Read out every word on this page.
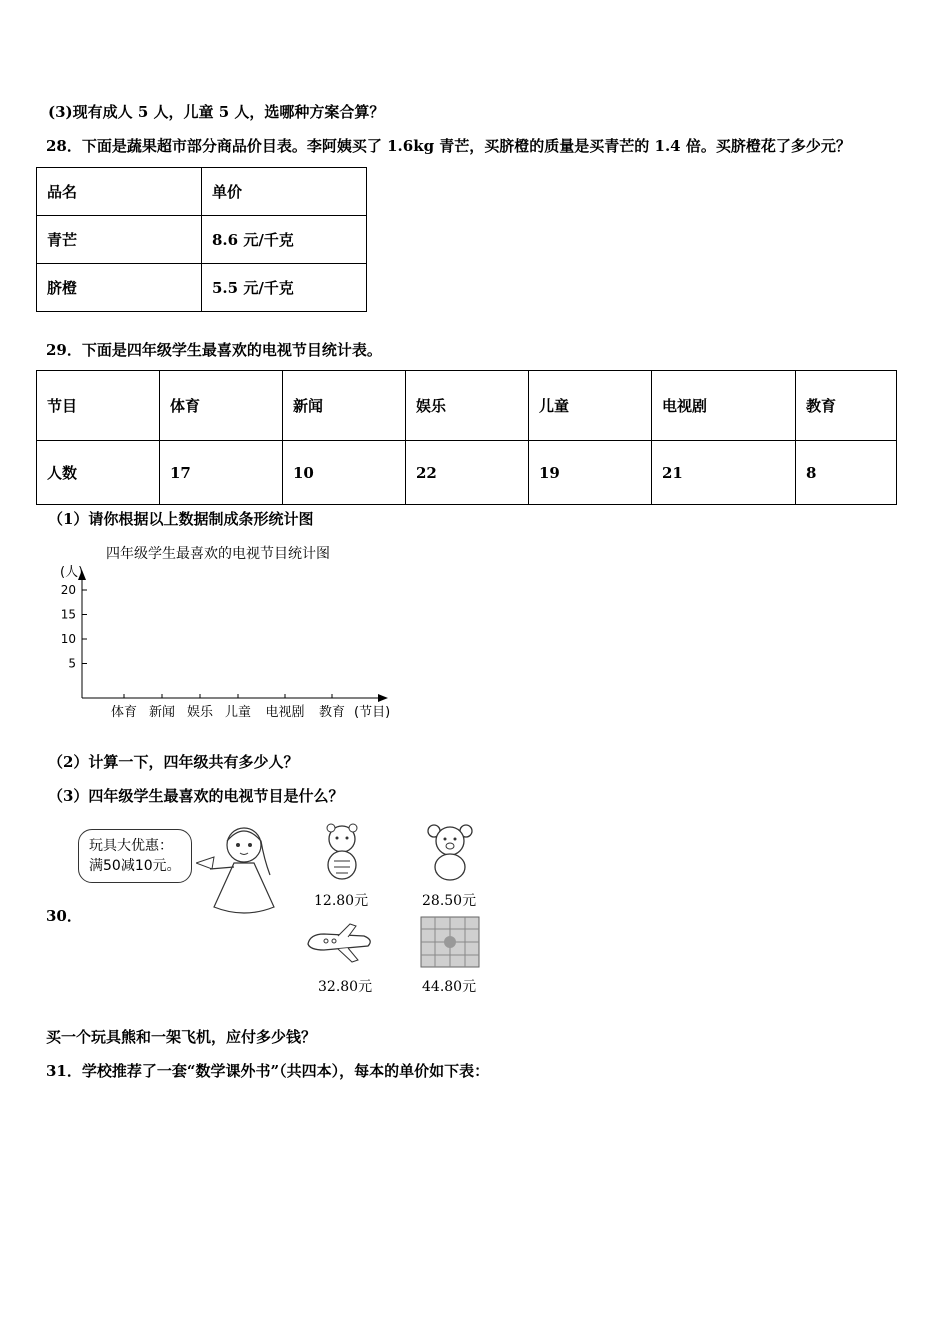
(3)现有成人 5 人，儿童 5 人，选哪种方案合算？
28．下面是蔬果超市部分商品价目表。李阿姨买了 1.6kg 青芒，买脐橙的质量是买青芒的 1.4 倍。买脐橙花了多少元？
品名	单价
青芒	8.6 元/千克
脐橙	5.5 元/千克
29．下面是四年级学生最喜欢的电视节目统计表。
节目	体育	新闻	娱乐	儿童	电视剧	教育
人数	17	10	22	19	21	8
（1）请你根据以上数据制成条形统计图
四年级学生最喜欢的电视节目统计图
(人)
5
10
15
20
体育 新闻 娱乐 儿童 电视剧 教育 (节目)
（2）计算一下，四年级共有多少人？
（3）四年级学生最喜欢的电视节目是什么？
30．
玩具大优惠：
满50减10元。
12.80元	28.50元
32.80元	44.80元
买一个玩具熊和一架飞机，应付多少钱？
31．学校推荐了一套“数学课外书”（共四本），每本的单价如下表：
